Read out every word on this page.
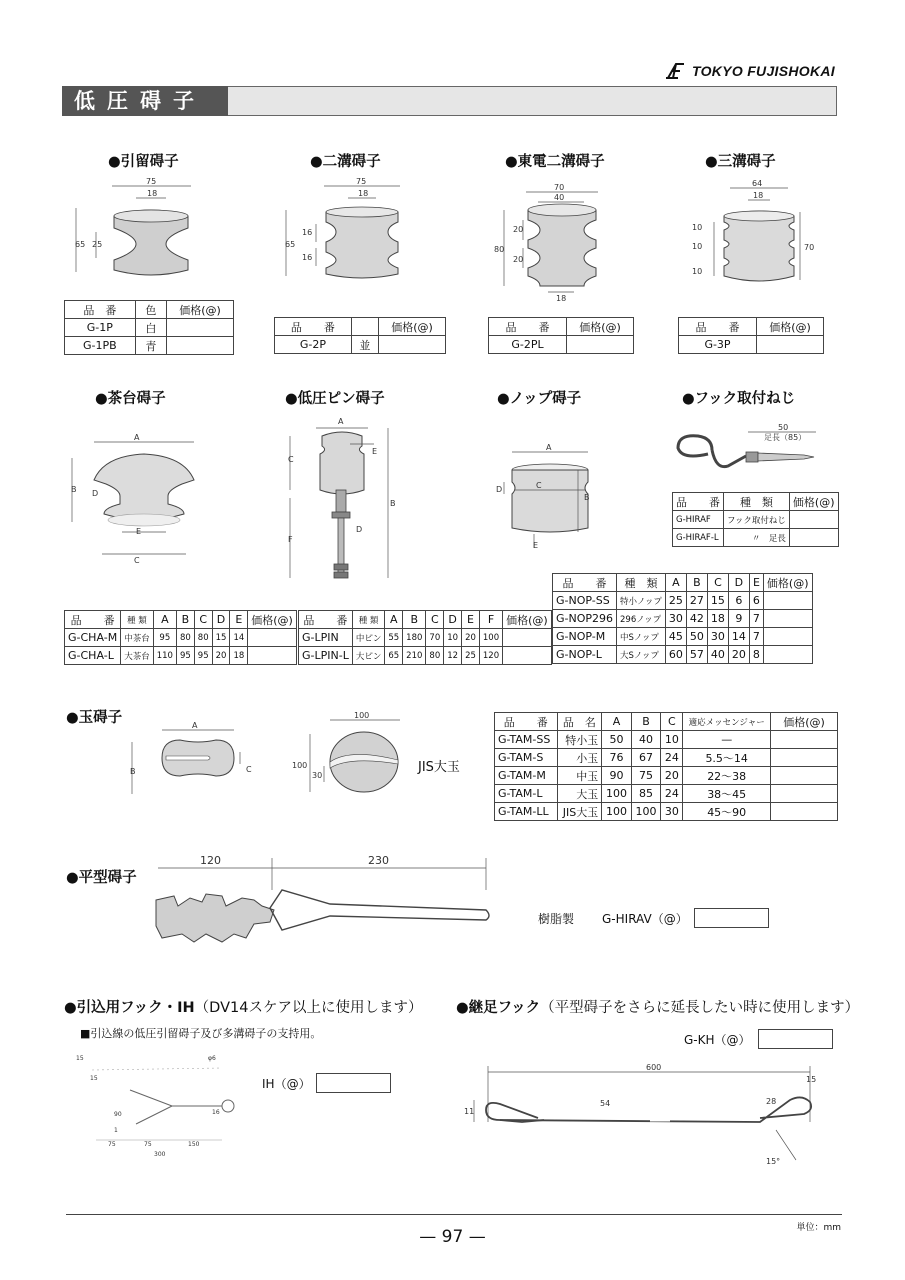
TOKYO FUJISHOKAI
低圧碍子
●引留碍子	●二溝碍子	●東電二溝碍子	●三溝碍子
75
18
65 25
75
18
65
16
16
70
40
80
20
20
18
64
18
70
10
10
10
品　番	色	価格(@)
G-1P	白	
G-1PB	青	
品　　番		価格(@)
G-2P	並	
品　　番	価格(@)
G-2PL	
品　　番	価格(@)
G-3P	
●茶台碍子	●低圧ピン碍子	●ノップ碍子	●フック取付ねじ
A
B
C
D
E
A
B
C
D
E
F
A
B
C
D
E
50
足長（85）
品　　番	種　類	価格(@)
G-HIRAF	フック取付ねじ	
G-HIRAF-L	〃　足長	
品　　番	種　類	A	B	C	D	E	価格(@)
G-NOP-SS	特小ノップ	25	27	15	6	6	
G-NOP296	296ノップ	30	42	18	9	7	
G-NOP-M	中Sノップ	45	50	30	14	7	
G-NOP-L	大Sノップ	60	57	40	20	8	
品　　番	種 類	A	B	C	D	E	価格(@)
G-CHA-M	中茶台	95	80	80	15	14	
G-CHA-L	大茶台	110	95	95	20	18	
品　　番	種 類	A	B	C	D	E	F	価格(@)
G-LPIN	中ピン	55	180	70	10	20	100	
G-LPIN-L	大ピン	65	210	80	12	25	120	
●玉碍子	A
B	C
100
100
30
JIS大玉
品　　番	品　名	A	B	C	適応メッセンジャー	価格(@)
G-TAM-SS	特小玉	50	40	10	—	
G-TAM-S	小玉	76	67	24	5.5〜14	
G-TAM-M	中玉	90	75	20	22〜38	
G-TAM-L	大玉	100	85	24	38〜45	
G-TAM-LL	JIS大玉	100	100	30	45〜90	
●平型碍子
120	230
樹脂製 G-HIRAV（@）
●引込用フック・IH（DV14スケア以上に使用します）
■引込線の低圧引留碍子及び多溝碍子の支持用。
15	φ6
15
90	16
1
75	75	150
300
IH（@）
●継足フック（平型碍子をさらに延長したい時に使用します）
G-KH（@）
600
11
54
15
15°
28
単位：mm
— 97 —
